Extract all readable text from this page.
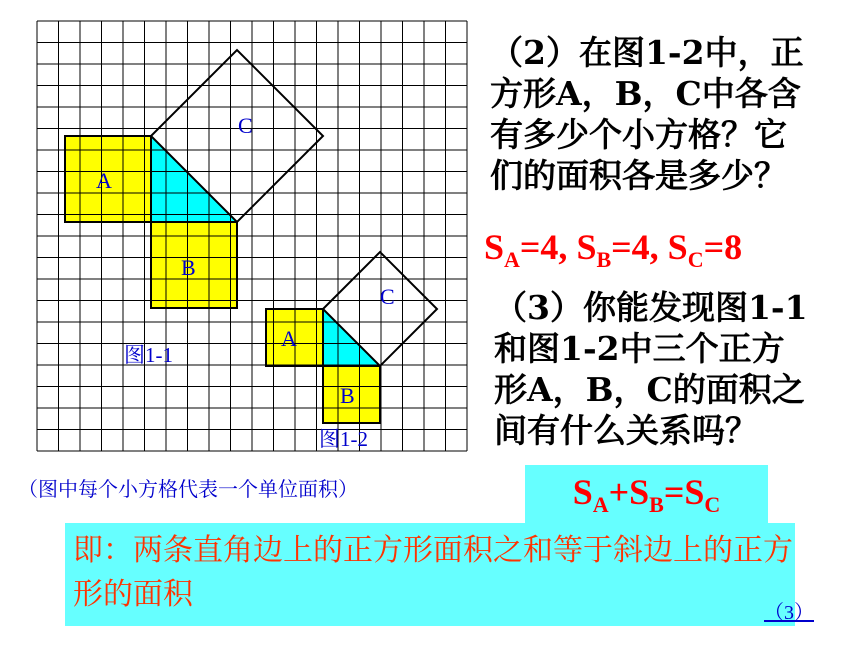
C
A
B
C
A
B
图1-1
图1-2
（2）在图1-2中，正
方形A，B，C中各含
有多少个小方格？它
们的面积各是多少？
$S_A=4$, $S_B=4$, $S_C=8$
（3）你能发现图1-1
和图1-2中三个正方
形A，B，C的面积之
间有什么关系吗？
（图中每个小方格代表一个单位面积）	$S_A+S_B=S_C$
即：两条直角边上的正方形面积之和等于斜边上的正方形的面积
（3）
